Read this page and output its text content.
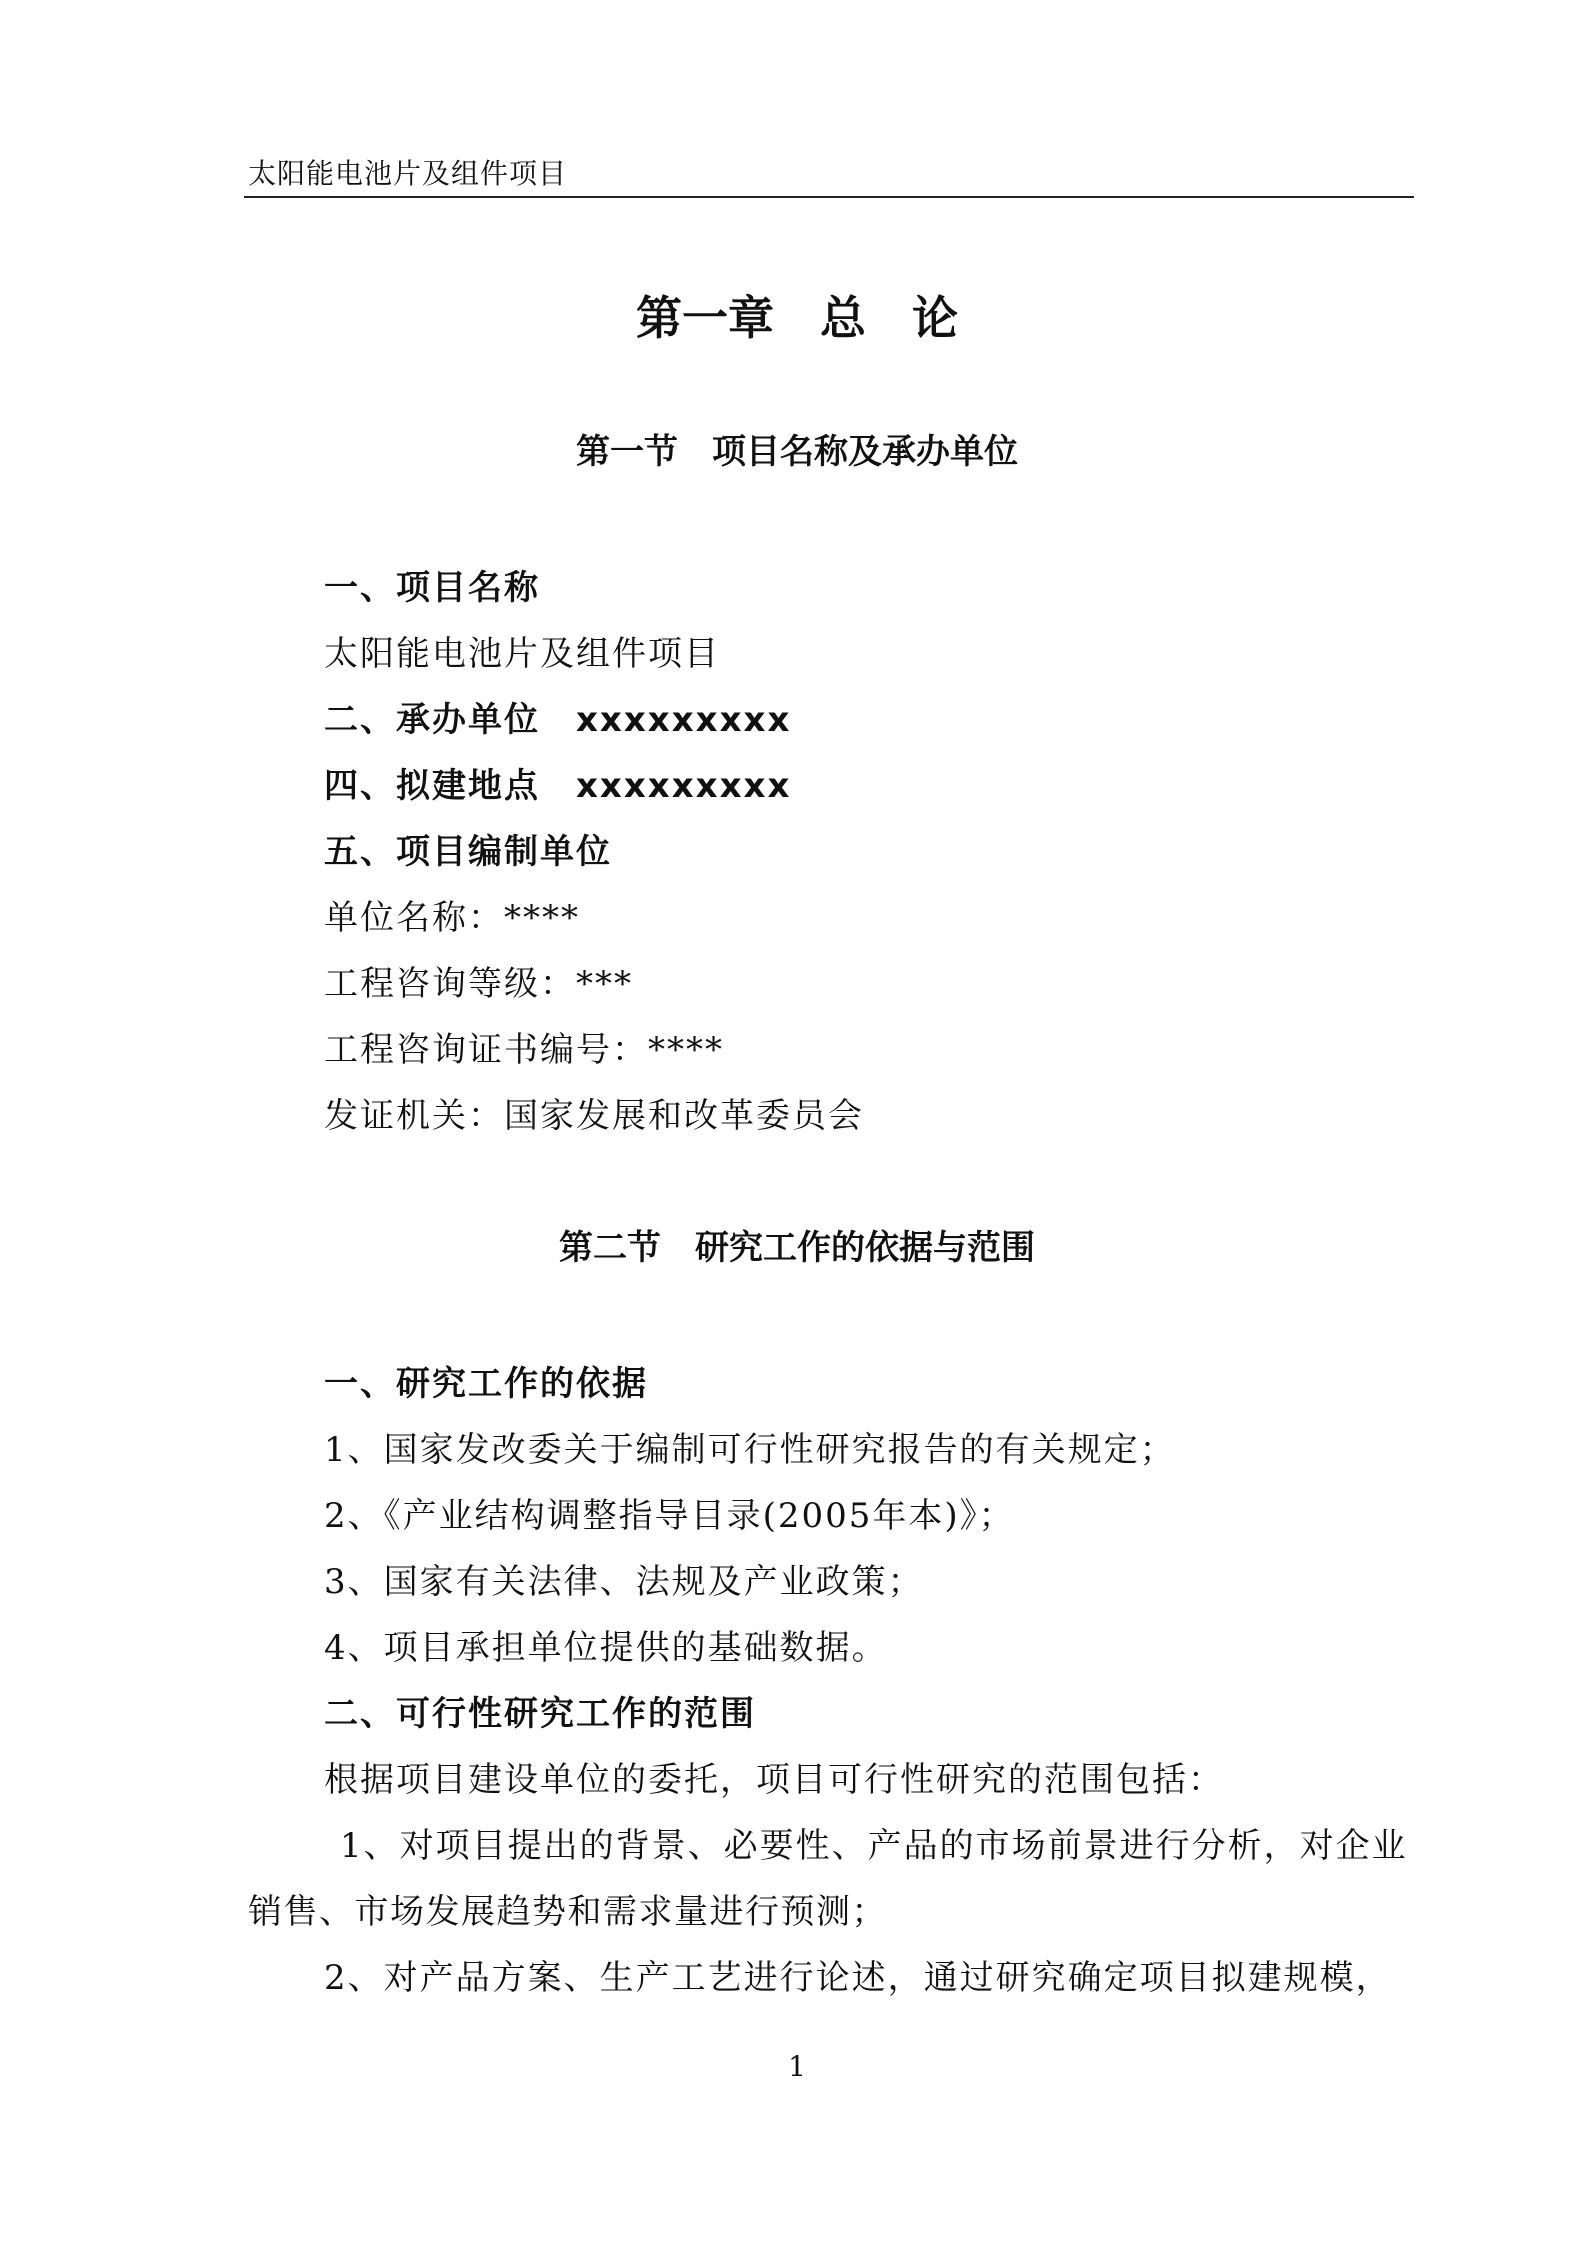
太阳能电池片及组件项目
第一章　总　论
第一节　项目名称及承办单位
一、项目名称
太阳能电池片及组件项目
二、承办单位　xxxxxxxxx
四、拟建地点　xxxxxxxxx
五、项目编制单位
单位名称：****
工程咨询等级：***
工程咨询证书编号：****
发证机关：国家发展和改革委员会
第二节　研究工作的依据与范围
一、研究工作的依据
1、国家发改委关于编制可行性研究报告的有关规定；
2、《产业结构调整指导目录(2005年本)》；
3、国家有关法律、法规及产业政策；
4、项目承担单位提供的基础数据。
二、可行性研究工作的范围
根据项目建设单位的委托，项目可行性研究的范围包括：
1、对项目提出的背景、必要性、产品的市场前景进行分析，对企业
销售、市场发展趋势和需求量进行预测；
2、对产品方案、生产工艺进行论述，通过研究确定项目拟建规模，
1
